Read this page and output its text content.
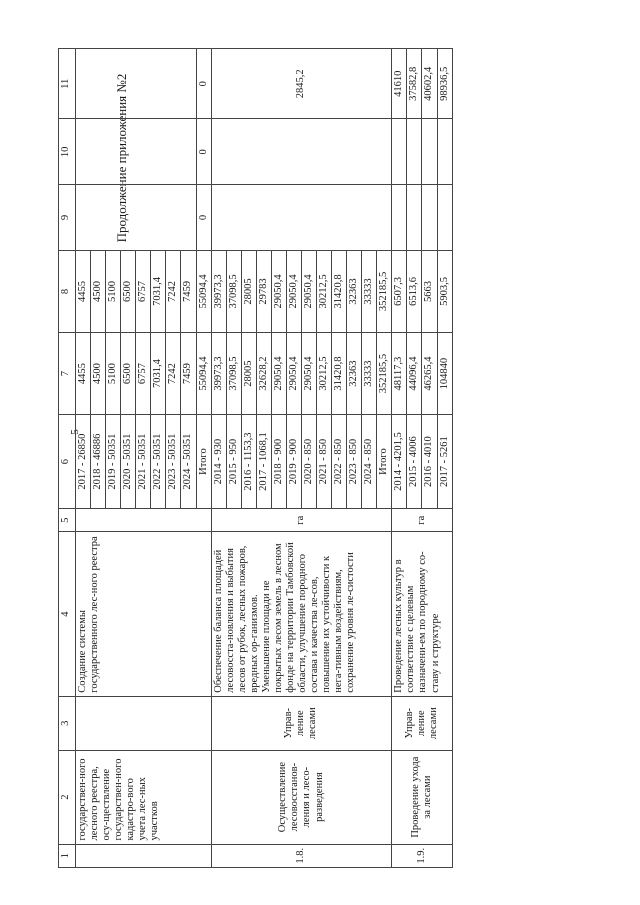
5
Продолжение приложения №2
1	2	3	4	5	6	7	8	9	10	11
	государствен-ного лесного реестра, осу-ществление государствен-ного кадастро-вого учета лес-ных участков		Создание системы государственного лес-ного реестра		2017 - 26850	4455	4455			
					2018 - 46886	4500	4500			
					2019 - 50351	5100	5100			
					2020 - 50351	6500	6500			
					2021 - 50351	6757	6757			
					2022 - 50351	7031,4	7031,4			
					2023 - 50351	7242	7242			
					2024 - 50351	7459	7459			
					Итого	55094,4	55094,4	0	0	0
1.8.	Осуществление лесовосстанов-ления и лесо-разведения	Управ-ление лесами	Обеспечение баланса площадей лесовосста-новления и выбытия лесов от рубок, лесных пожаров, вредных ор-ганизмов. Уменьшение площади не покрытых лесом земель в лесном фонде на территории Тамбовской области, улучшение породного состава и качества ле-сов, повышение их устойчивости к нега-тивным воздействиям, сохранение уровня ле-систости	га	2014 - 930	39973,3	39973,3			2845,2
					2015 - 950	37098,5	37098,5			
					2016 - 1153,3	28005	28005			
					2017 - 1068,1	32628,2	29783			
					2018 - 900	29050,4	29050,4			
					2019 - 900	29050,4	29050,4			
					2020 - 850	29050,4	29050,4			
					2021 - 850	30212,5	30212,5			
					2022 - 850	31420,8	31420,8			
					2023 - 850	32363	32363			
					2024 - 850	33333	33333			
					Итого	352185,5	352185,5			
1.9.	Проведение ухода за лесами	Управ-ление лесами	Проведение лесных культур в соответствие с целевым назначени-ем по породному со-ставу и структуре	га	2014 - 4201,5	48117,3	6507,3			41610
					2015 - 4006	44096,4	6513,6			37582,8
					2016 - 4010	46265,4	5663			40602,4
					2017 - 5261	104840	5903,5			98936,5
